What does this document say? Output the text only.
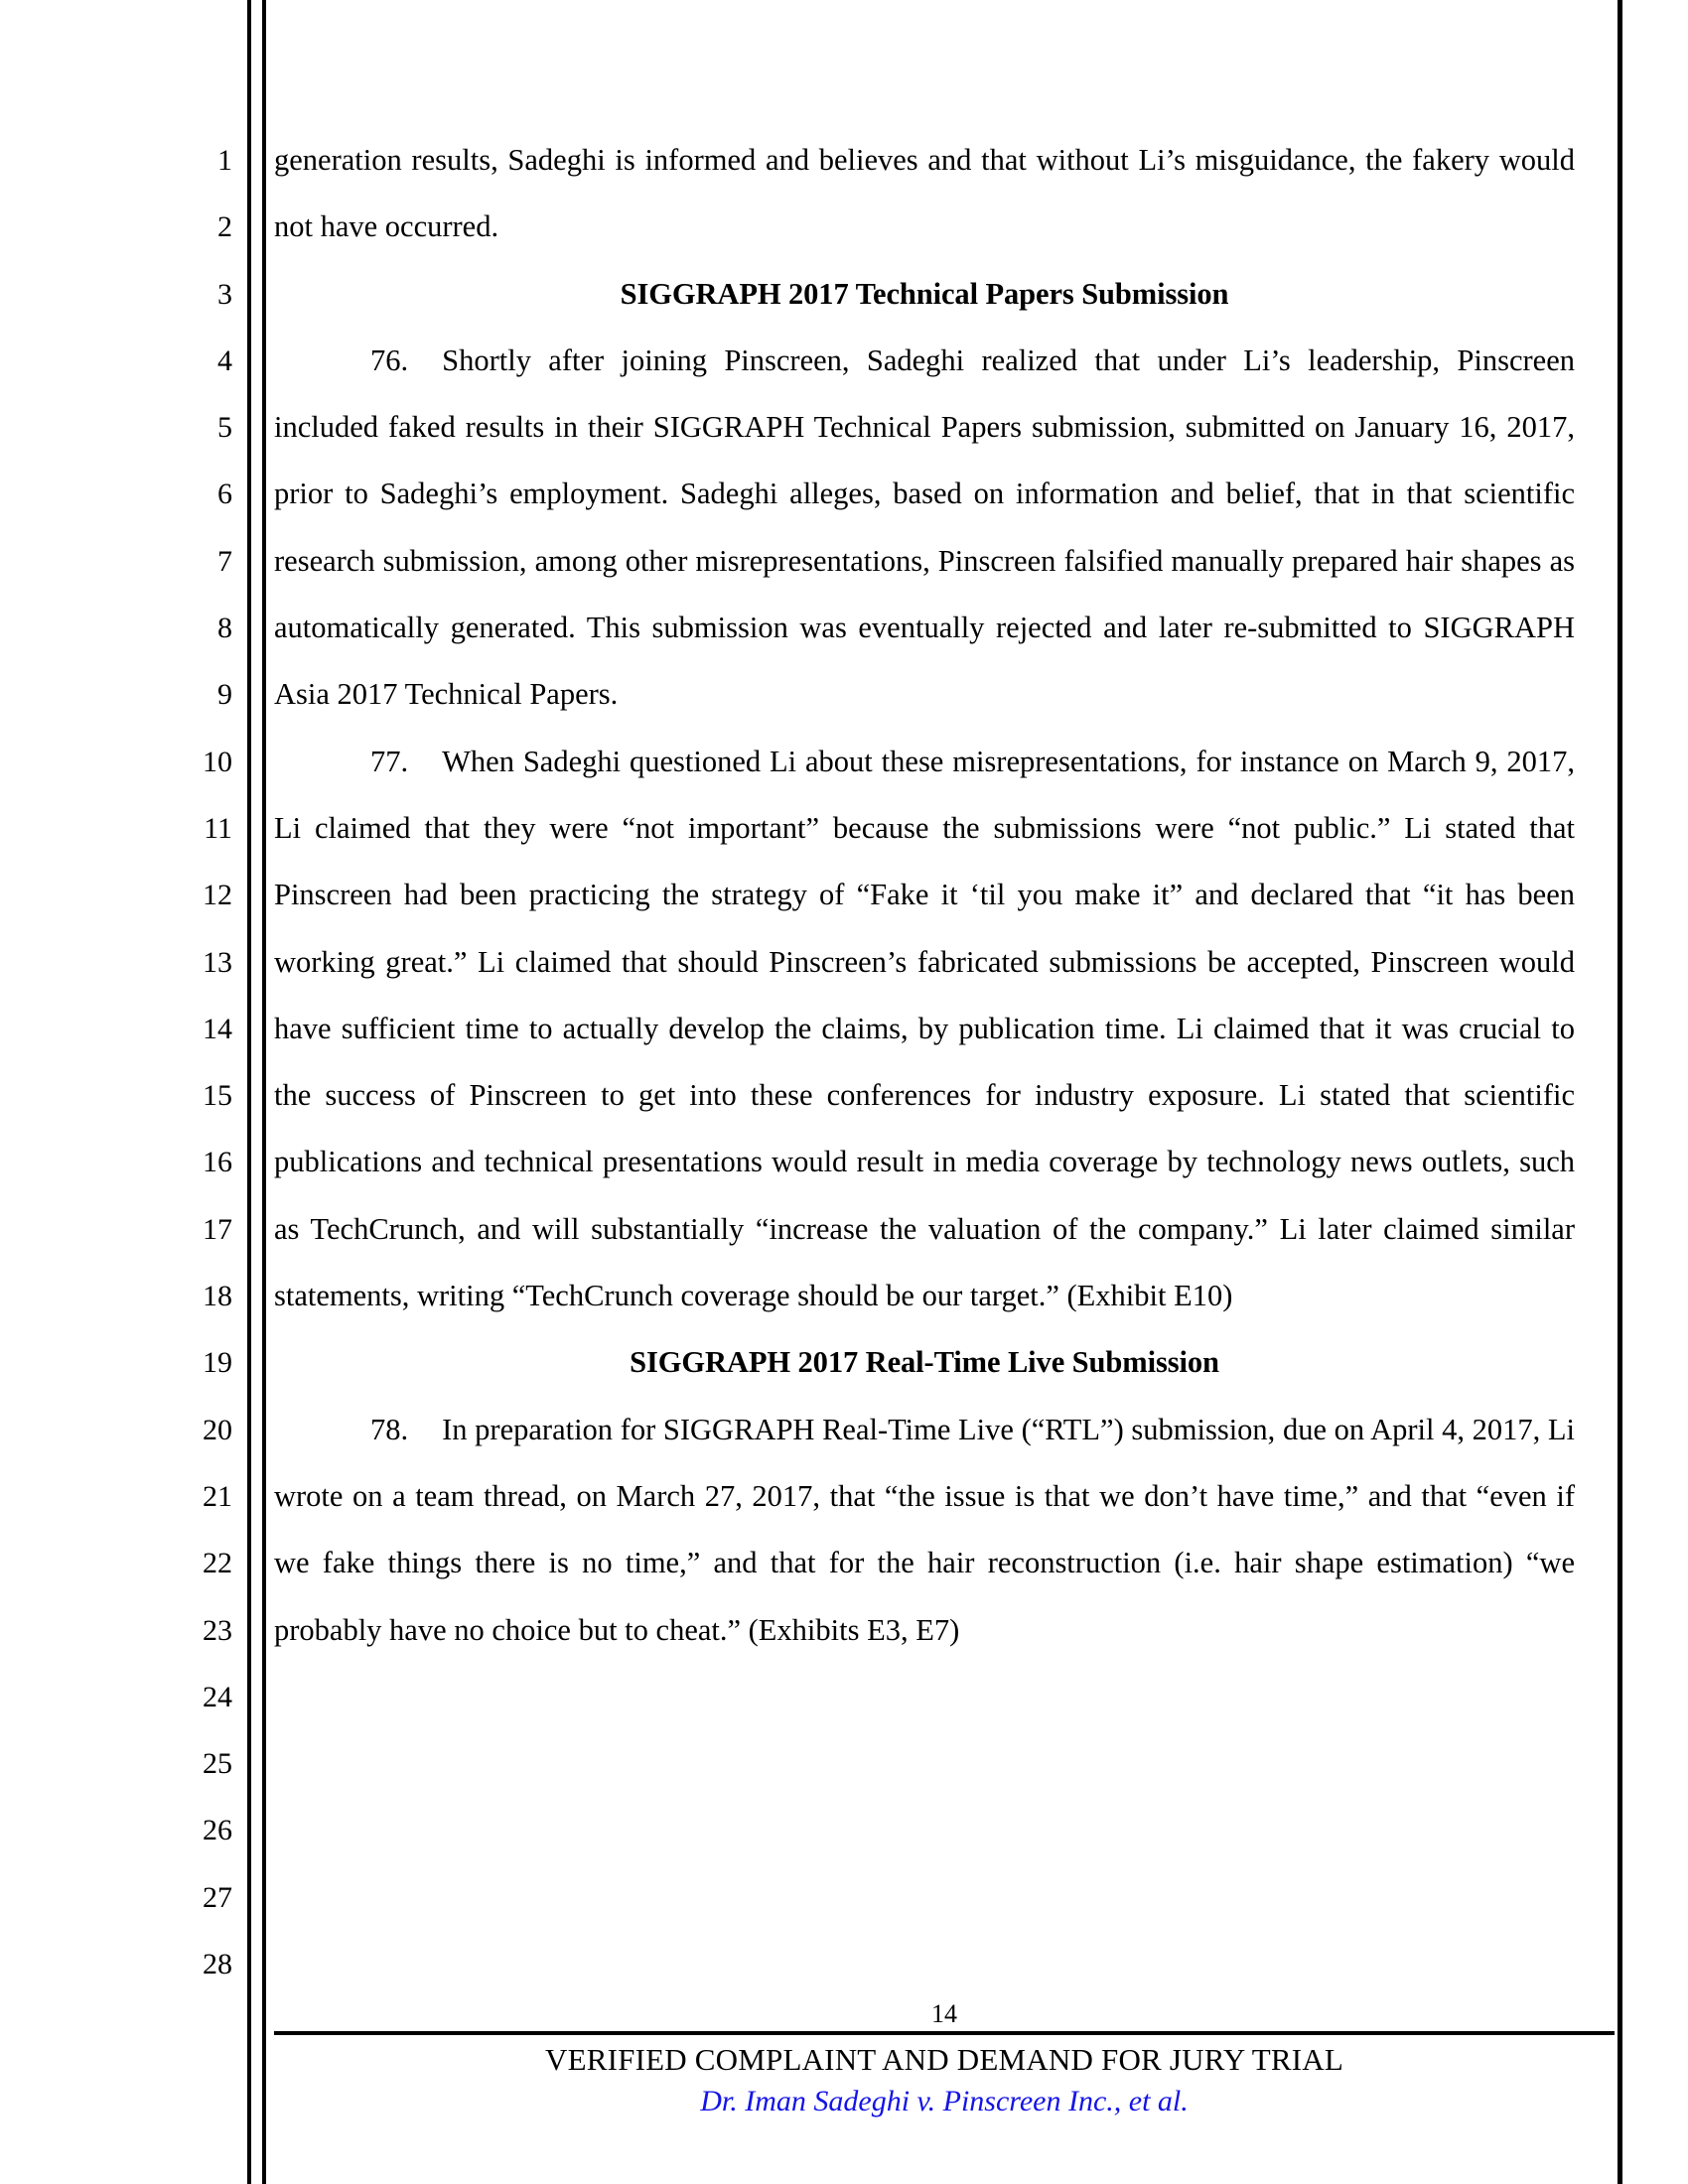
1
2
3
4
5
6
7
8
9
10
11
12
13
14
15
16
17
18
19
20
21
22
23
24
25
26
27
28

generation results, Sadeghi is informed and believes and that without Li’s misguidance, the fakery would not have occurred.

SIGGRAPH 2017 Technical Papers Submission

76. Shortly after joining Pinscreen, Sadeghi realized that under Li’s leadership, Pinscreen included faked results in their SIGGRAPH Technical Papers submission, submitted on January 16, 2017, prior to Sadeghi’s employment. Sadeghi alleges, based on information and belief, that in that scientific research submission, among other misrepresentations, Pinscreen falsified manually prepared hair shapes as automatically generated. This submission was eventually rejected and later re-submitted to SIGGRAPH Asia 2017 Technical Papers.

77. When Sadeghi questioned Li about these misrepresentations, for instance on March 9, 2017, Li claimed that they were “not important” because the submissions were “not public.” Li stated that Pinscreen had been practicing the strategy of “Fake it ‘til you make it” and declared that “it has been working great.” Li claimed that should Pinscreen’s fabricated submissions be accepted, Pinscreen would have sufficient time to actually develop the claims, by publication time. Li claimed that it was crucial to the success of Pinscreen to get into these conferences for industry exposure. Li stated that scientific publications and technical presentations would result in media coverage by technology news outlets, such as TechCrunch, and will substantially “increase the valuation of the company.” Li later claimed similar statements, writing “TechCrunch coverage should be our target.” (Exhibit E10)

SIGGRAPH 2017 Real-Time Live Submission

78. In preparation for SIGGRAPH Real-Time Live (“RTL”) submission, due on April 4, 2017, Li wrote on a team thread, on March 27, 2017, that “the issue is that we don’t have time,” and that “even if we fake things there is no time,” and that for the hair reconstruction (i.e. hair shape estimation) “we probably have no choice but to cheat.” (Exhibits E3, E7)

14
VERIFIED COMPLAINT AND DEMAND FOR JURY TRIAL
Dr. Iman Sadeghi v. Pinscreen Inc., et al.
